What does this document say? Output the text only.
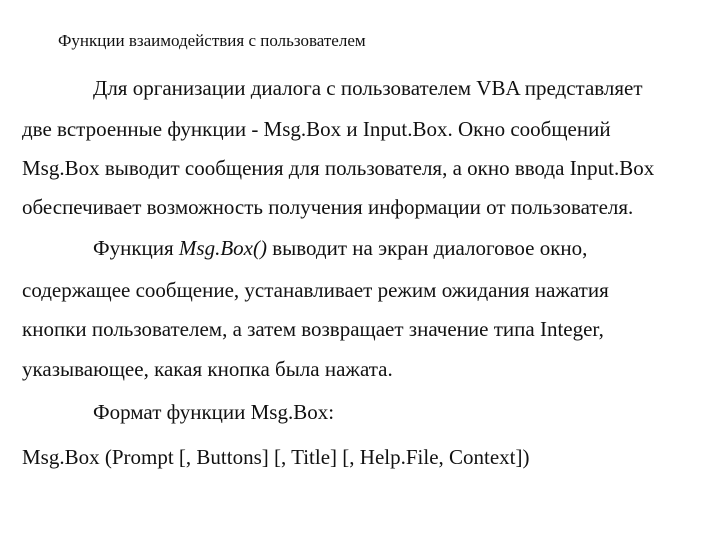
Функции взаимодействия с пользователем
Для организации диалога с пользователем VBA представляет
две встроенные функции - Msg.Box и Input.Box. Окно сообщений
Msg.Box выводит сообщения для пользователя, а окно ввода Input.Box
обеспечивает возможность получения информации от пользователя.
Функция Msg.Box() выводит на экран диалоговое окно,
содержащее сообщение, устанавливает режим ожидания нажатия
кнопки пользователем, а затем возвращает значение типа Integer,
указывающее, какая кнопка была нажата.
Формат функции Msg.Box:
Msg.Box (Prompt [, Buttons] [, Title] [, Help.File, Context])
